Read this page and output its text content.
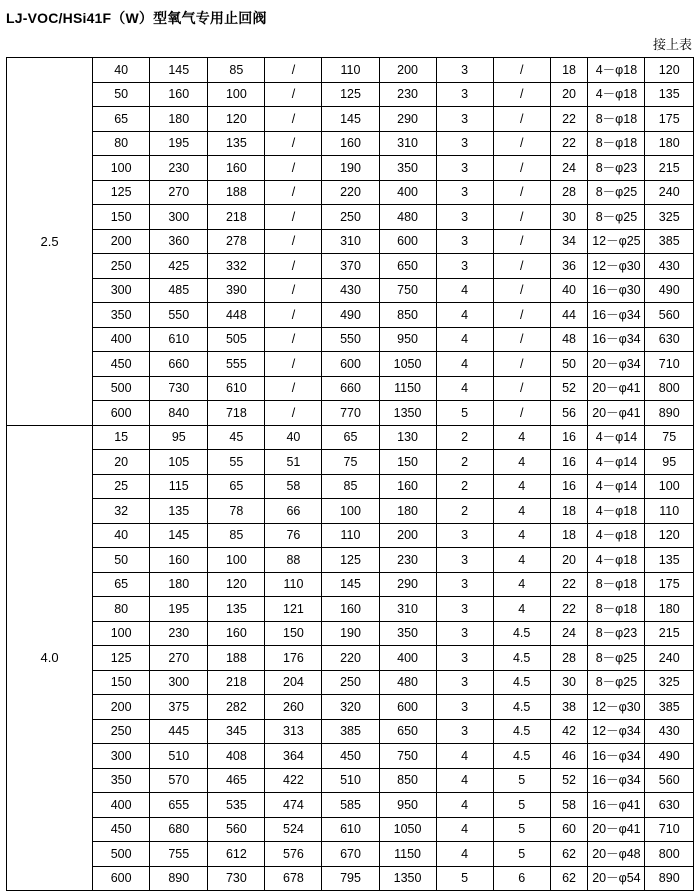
LJ-VOC/HSi41F（W）型氧气专用止回阀
接上表
2.5	40	145	85	/	110	200	3	/	18	4－φ18	120
	50	160	100	/	125	230	3	/	20	4－φ18	135
	65	180	120	/	145	290	3	/	22	8－φ18	175
	80	195	135	/	160	310	3	/	22	8－φ18	180
	100	230	160	/	190	350	3	/	24	8－φ23	215
	125	270	188	/	220	400	3	/	28	8－φ25	240
	150	300	218	/	250	480	3	/	30	8－φ25	325
	200	360	278	/	310	600	3	/	34	12－φ25	385
	250	425	332	/	370	650	3	/	36	12－φ30	430
	300	485	390	/	430	750	4	/	40	16－φ30	490
	350	550	448	/	490	850	4	/	44	16－φ34	560
	400	610	505	/	550	950	4	/	48	16－φ34	630
	450	660	555	/	600	1050	4	/	50	20－φ34	710
	500	730	610	/	660	1150	4	/	52	20－φ41	800
	600	840	718	/	770	1350	5	/	56	20－φ41	890
4.0	15	95	45	40	65	130	2	4	16	4－φ14	75
	20	105	55	51	75	150	2	4	16	4－φ14	95
	25	115	65	58	85	160	2	4	16	4－φ14	100
	32	135	78	66	100	180	2	4	18	4－φ18	110
	40	145	85	76	110	200	3	4	18	4－φ18	120
	50	160	100	88	125	230	3	4	20	4－φ18	135
	65	180	120	110	145	290	3	4	22	8－φ18	175
	80	195	135	121	160	310	3	4	22	8－φ18	180
	100	230	160	150	190	350	3	4.5	24	8－φ23	215
	125	270	188	176	220	400	3	4.5	28	8－φ25	240
	150	300	218	204	250	480	3	4.5	30	8－φ25	325
	200	375	282	260	320	600	3	4.5	38	12－φ30	385
	250	445	345	313	385	650	3	4.5	42	12－φ34	430
	300	510	408	364	450	750	4	4.5	46	16－φ34	490
	350	570	465	422	510	850	4	5	52	16－φ34	560
	400	655	535	474	585	950	4	5	58	16－φ41	630
	450	680	560	524	610	1050	4	5	60	20－φ41	710
	500	755	612	576	670	1150	4	5	62	20－φ48	800
	600	890	730	678	795	1350	5	6	62	20－φ54	890
